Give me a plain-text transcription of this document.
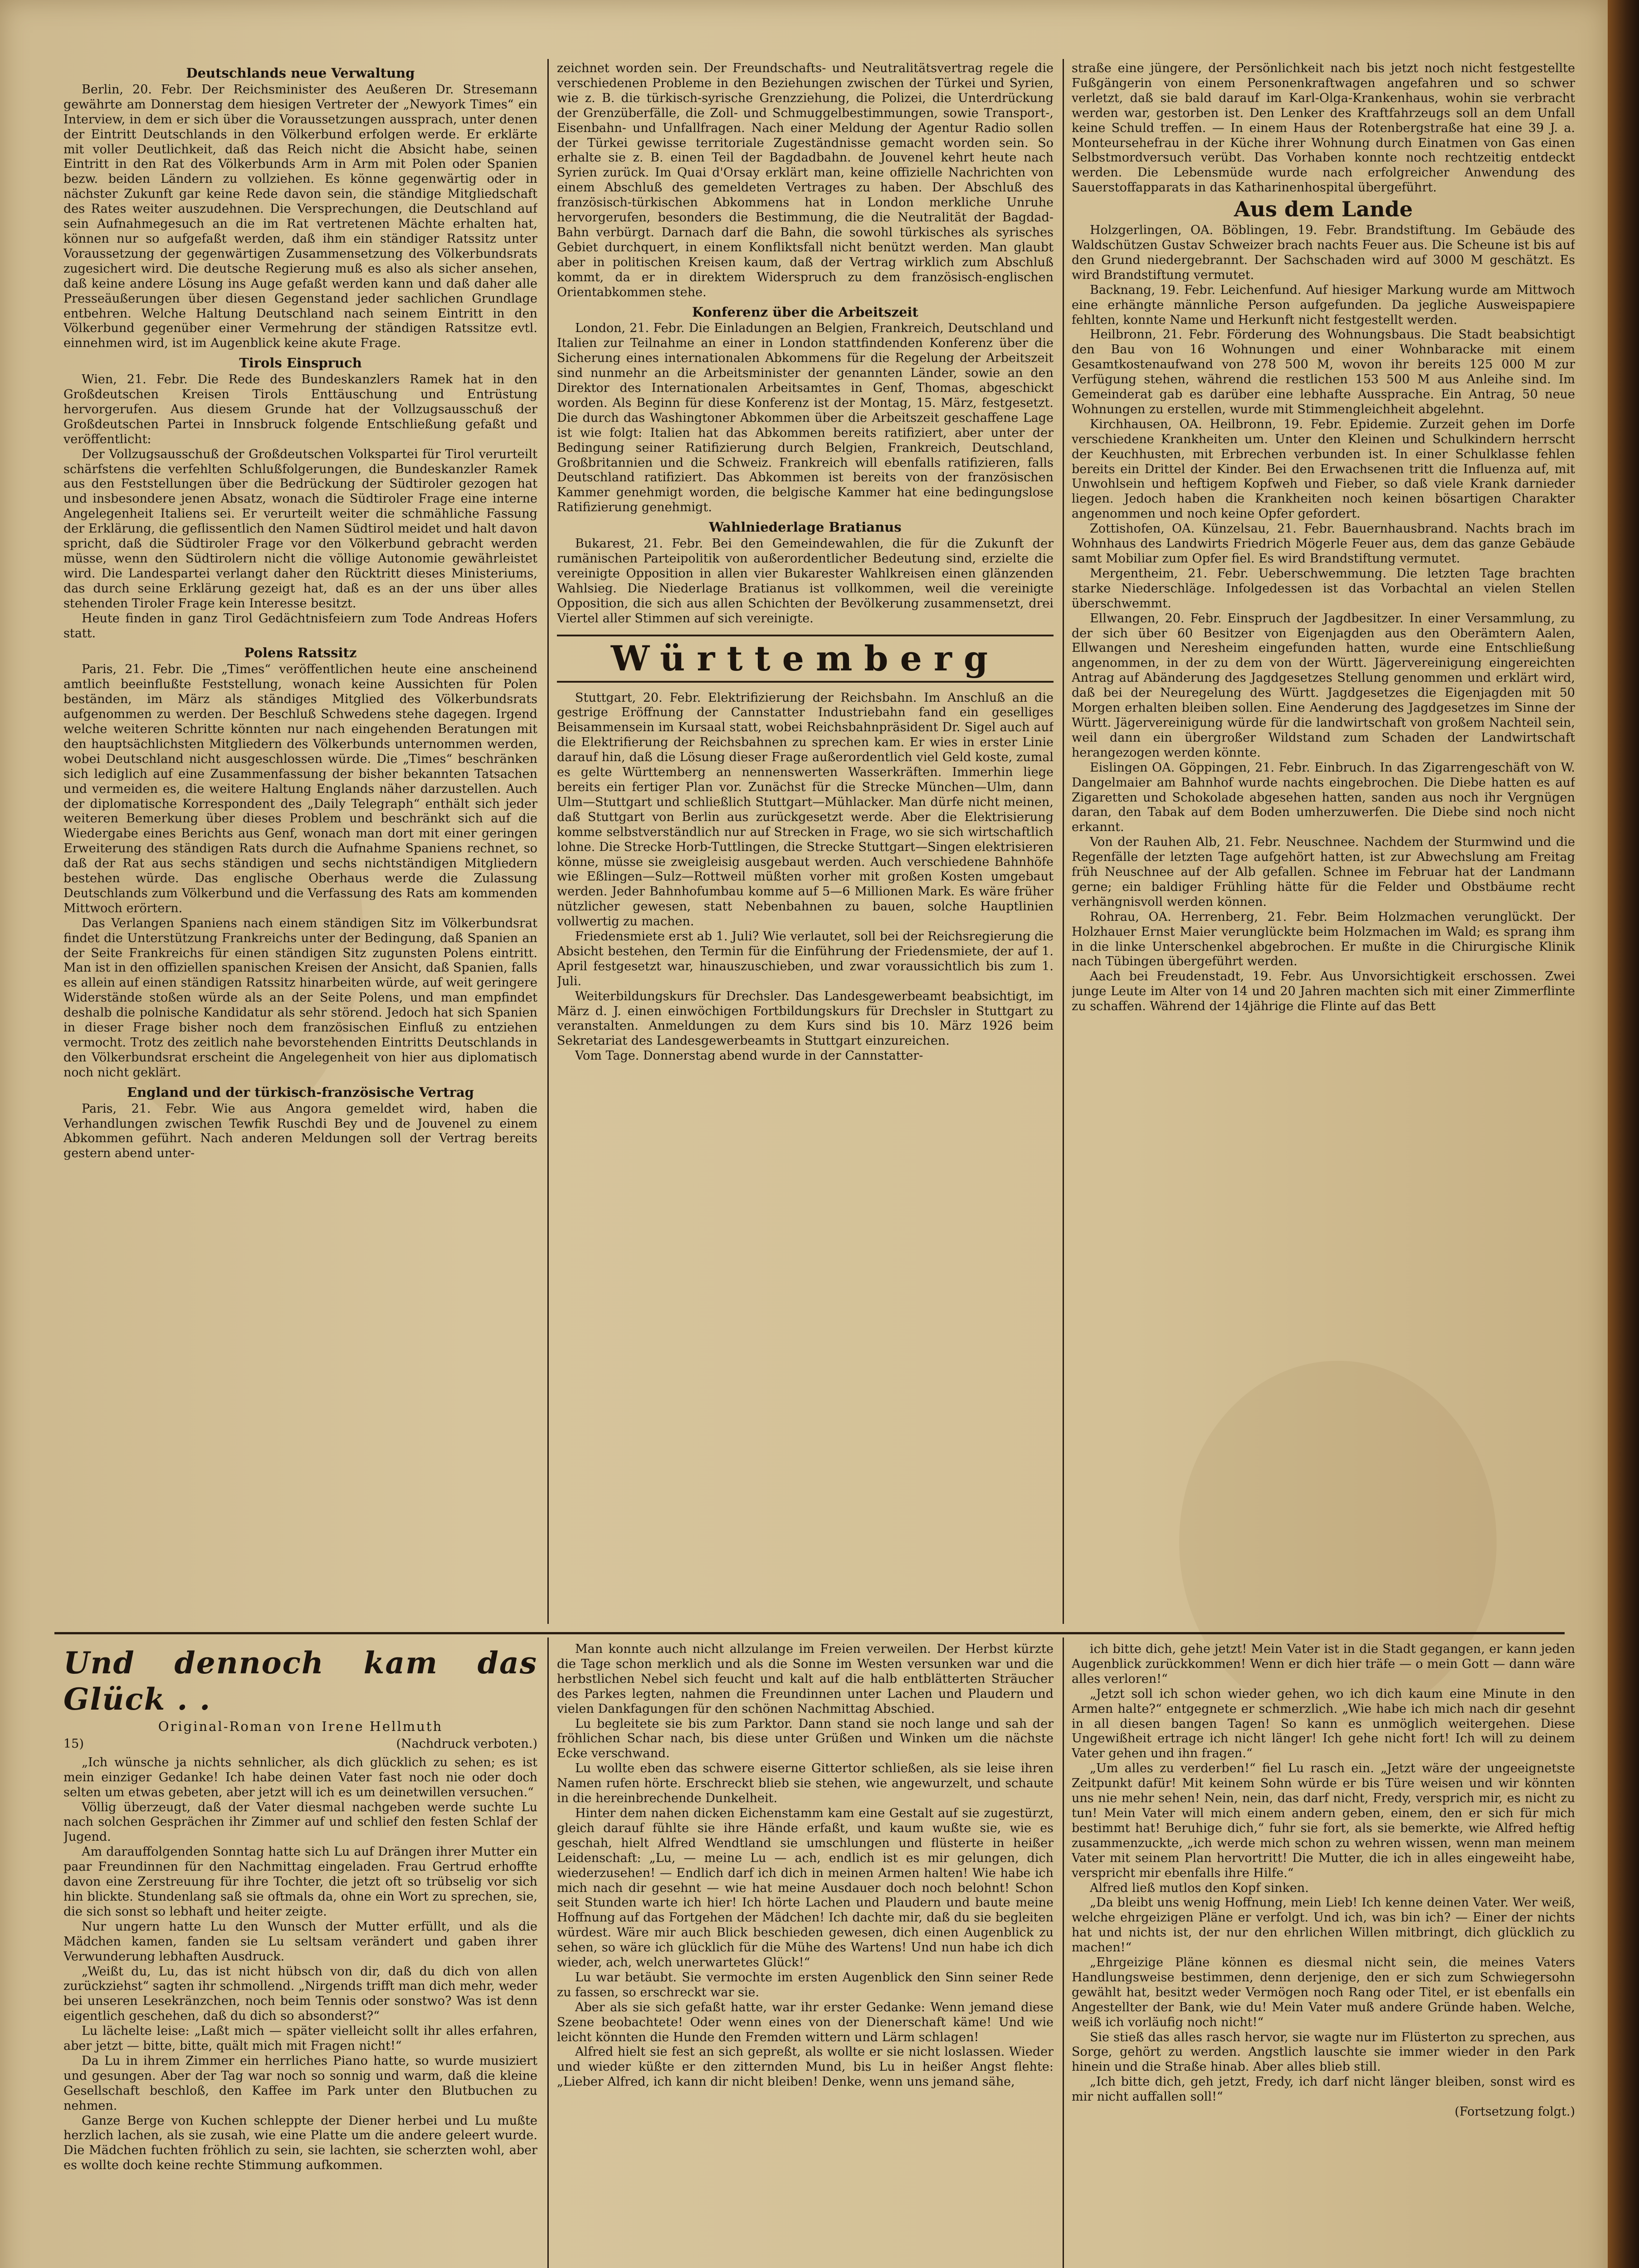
Deutschlands neue Verwaltung

Berlin, 20. Febr. Der Reichsminister des Aeußeren Dr. Stresemann gewährte am Donnerstag dem hiesigen Vertreter der „Newyork Times“ ein Interview, in dem er sich über die Voraussetzungen aussprach, unter denen der Eintritt Deutschlands in den Völkerbund erfolgen werde. Er erklärte mit voller Deutlichkeit, daß das Reich nicht die Absicht habe, seinen Eintritt in den Rat des Völkerbunds Arm in Arm mit Polen oder Spanien bezw. beiden Ländern zu vollziehen. Es könne gegenwärtig oder in nächster Zukunft gar keine Rede davon sein, die ständige Mitgliedschaft des Rates weiter auszudehnen. Die Versprechungen, die Deutschland auf sein Aufnahmegesuch an die im Rat vertretenen Mächte erhalten hat, können nur so aufgefaßt werden, daß ihm ein ständiger Ratssitz unter Voraussetzung der gegenwärtigen Zusammensetzung des Völkerbundsrats zugesichert wird. Die deutsche Regierung muß es also als sicher ansehen, daß keine andere Lösung ins Auge gefaßt werden kann und daß daher alle Presseäußerungen über diesen Gegenstand jeder sachlichen Grundlage entbehren. Welche Haltung Deutschland nach seinem Eintritt in den Völkerbund gegenüber einer Vermehrung der ständigen Ratssitze evtl. einnehmen wird, ist im Augenblick keine akute Frage.

Tirols Einspruch

Wien, 21. Febr. Die Rede des Bundeskanzlers Ramek hat in den Großdeutschen Kreisen Tirols Enttäuschung und Entrüstung hervorgerufen. Aus diesem Grunde hat der Vollzugsausschuß der Großdeutschen Partei in Innsbruck folgende Entschließung gefaßt und veröffentlicht:

Der Vollzugsausschuß der Großdeutschen Volkspartei für Tirol verurteilt schärfstens die verfehlten Schlußfolgerungen, die Bundeskanzler Ramek aus den Feststellungen über die Bedrückung der Südtiroler gezogen hat und insbesondere jenen Absatz, wonach die Südtiroler Frage eine interne Angelegenheit Italiens sei. Er verurteilt weiter die schmähliche Fassung der Erklärung, die geflissentlich den Namen Südtirol meidet und halt davon spricht, daß die Südtiroler Frage vor den Völkerbund gebracht werden müsse, wenn den Südtirolern nicht die völlige Autonomie gewährleistet wird. Die Landespartei verlangt daher den Rücktritt dieses Ministeriums, das durch seine Erklärung gezeigt hat, daß es an der uns über alles stehenden Tiroler Frage kein Interesse besitzt.

Heute finden in ganz Tirol Gedächtnisfeiern zum Tode Andreas Hofers statt.

Polens Ratssitz

Paris, 21. Febr. Die „Times“ veröffentlichen heute eine anscheinend amtlich beeinflußte Feststellung, wonach keine Aussichten für Polen beständen, im März als ständiges Mitglied des Völkerbundsrats aufgenommen zu werden. Der Beschluß Schwedens stehe dagegen. Irgend welche weiteren Schritte könnten nur nach eingehenden Beratungen mit den hauptsächlichsten Mitgliedern des Völkerbunds unternommen werden, wobei Deutschland nicht ausgeschlossen würde. Die „Times“ beschränken sich lediglich auf eine Zusammenfassung der bisher bekannten Tatsachen und vermeiden es, die weitere Haltung Englands näher darzustellen. Auch der diplomatische Korrespondent des „Daily Telegraph“ enthält sich jeder weiteren Bemerkung über dieses Problem und beschränkt sich auf die Wiedergabe eines Berichts aus Genf, wonach man dort mit einer geringen Erweiterung des ständigen Rats durch die Aufnahme Spaniens rechnet, so daß der Rat aus sechs ständigen und sechs nichtständigen Mitgliedern bestehen würde. Das englische Oberhaus werde die Zulassung Deutschlands zum Völkerbund und die Verfassung des Rats am kommenden Mittwoch erörtern.

Das Verlangen Spaniens nach einem ständigen Sitz im Völkerbundsrat findet die Unterstützung Frankreichs unter der Bedingung, daß Spanien an der Seite Frankreichs für einen ständigen Sitz zugunsten Polens eintritt. Man ist in den offiziellen spanischen Kreisen der Ansicht, daß Spanien, falls es allein auf einen ständigen Ratssitz hinarbeiten würde, auf weit geringere Widerstände stoßen würde als an der Seite Polens, und man empfindet deshalb die polnische Kandidatur als sehr störend. Jedoch hat sich Spanien in dieser Frage bisher noch dem französischen Einfluß zu entziehen vermocht. Trotz des zeitlich nahe bevorstehenden Eintritts Deutschlands in den Völkerbundsrat erscheint die Angelegenheit von hier aus diplomatisch noch nicht geklärt.

England und der türkisch-französische Vertrag

Paris, 21. Febr. Wie aus Angora gemeldet wird, haben die Verhandlungen zwischen Tewfik Ruschdi Bey und de Jouvenel zu einem Abkommen geführt. Nach anderen Meldungen soll der Vertrag bereits gestern abend unter-

zeichnet worden sein. Der Freundschafts- und Neutralitätsvertrag regele die verschiedenen Probleme in den Beziehungen zwischen der Türkei und Syrien, wie z. B. die türkisch-syrische Grenzziehung, die Polizei, die Unterdrückung der Grenzüberfälle, die Zoll- und Schmuggelbestimmungen, sowie Transport-, Eisenbahn- und Unfallfragen. Nach einer Meldung der Agentur Radio sollen der Türkei gewisse territoriale Zugeständnisse gemacht worden sein. So erhalte sie z. B. einen Teil der Bagdadbahn. de Jouvenel kehrt heute nach Syrien zurück. Im Quai d'Orsay erklärt man, keine offizielle Nachrichten von einem Abschluß des gemeldeten Vertrages zu haben. Der Abschluß des französisch-türkischen Abkommens hat in London merkliche Unruhe hervorgerufen, besonders die Bestimmung, die die Neutralität der Bagdad-Bahn verbürgt. Darnach darf die Bahn, die sowohl türkisches als syrisches Gebiet durchquert, in einem Konfliktsfall nicht benützt werden. Man glaubt aber in politischen Kreisen kaum, daß der Vertrag wirklich zum Abschluß kommt, da er in direktem Widerspruch zu dem französisch-englischen Orientabkommen stehe.

Konferenz über die Arbeitszeit

London, 21. Febr. Die Einladungen an Belgien, Frankreich, Deutschland und Italien zur Teilnahme an einer in London stattfindenden Konferenz über die Sicherung eines internationalen Abkommens für die Regelung der Arbeitszeit sind nunmehr an die Arbeitsminister der genannten Länder, sowie an den Direktor des Internationalen Arbeitsamtes in Genf, Thomas, abgeschickt worden. Als Beginn für diese Konferenz ist der Montag, 15. März, festgesetzt. Die durch das Washingtoner Abkommen über die Arbeitszeit geschaffene Lage ist wie folgt: Italien hat das Abkommen bereits ratifiziert, aber unter der Bedingung seiner Ratifizierung durch Belgien, Frankreich, Deutschland, Großbritannien und die Schweiz. Frankreich will ebenfalls ratifizieren, falls Deutschland ratifiziert. Das Abkommen ist bereits von der französischen Kammer genehmigt worden, die belgische Kammer hat eine bedingungslose Ratifizierung genehmigt.

Wahlniederlage Bratianus

Bukarest, 21. Febr. Bei den Gemeindewahlen, die für die Zukunft der rumänischen Parteipolitik von außerordentlicher Bedeutung sind, erzielte die vereinigte Opposition in allen vier Bukarester Wahlkreisen einen glänzenden Wahlsieg. Die Niederlage Bratianus ist vollkommen, weil die vereinigte Opposition, die sich aus allen Schichten der Bevölkerung zusammensetzt, drei Viertel aller Stimmen auf sich vereinigte.

Württemberg

Stuttgart, 20. Febr. Elektrifizierung der Reichsbahn. Im Anschluß an die gestrige Eröffnung der Cannstatter Industriebahn fand ein geselliges Beisammensein im Kursaal statt, wobei Reichsbahnpräsident Dr. Sigel auch auf die Elektrifierung der Reichsbahnen zu sprechen kam. Er wies in erster Linie darauf hin, daß die Lösung dieser Frage außerordentlich viel Geld koste, zumal es gelte Württemberg an nennenswerten Wasserkräften. Immerhin liege bereits ein fertiger Plan vor. Zunächst für die Strecke München—Ulm, dann Ulm—Stuttgart und schließlich Stuttgart—Mühlacker. Man dürfe nicht meinen, daß Stuttgart von Berlin aus zurückgesetzt werde. Aber die Elektrisierung komme selbstverständlich nur auf Strecken in Frage, wo sie sich wirtschaftlich lohne. Die Strecke Horb-Tuttlingen, die Strecke Stuttgart—Singen elektrisieren könne, müsse sie zweigleisig ausgebaut werden. Auch verschiedene Bahnhöfe wie Eßlingen—Sulz—Rottweil müßten vorher mit großen Kosten umgebaut werden. Jeder Bahnhofumbau komme auf 5—6 Millionen Mark. Es wäre früher nützlicher gewesen, statt Nebenbahnen zu bauen, solche Hauptlinien vollwertig zu machen.

Friedensmiete erst ab 1. Juli? Wie verlautet, soll bei der Reichsregierung die Absicht bestehen, den Termin für die Einführung der Friedensmiete, der auf 1. April festgesetzt war, hinauszuschieben, und zwar voraussichtlich bis zum 1. Juli.

Weiterbildungskurs für Drechsler. Das Landesgewerbeamt beabsichtigt, im März d. J. einen einwöchigen Fortbildungskurs für Drechsler in Stuttgart zu veranstalten. Anmeldungen zu dem Kurs sind bis 10. März 1926 beim Sekretariat des Landesgewerbeamts in Stuttgart einzureichen.

Vom Tage. Donnerstag abend wurde in der Cannstatter-

straße eine jüngere, der Persönlichkeit nach bis jetzt noch nicht festgestellte Fußgängerin von einem Personenkraftwagen angefahren und so schwer verletzt, daß sie bald darauf im Karl-Olga-Krankenhaus, wohin sie verbracht werden war, gestorben ist. Den Lenker des Kraftfahrzeugs soll an dem Unfall keine Schuld treffen. — In einem Haus der Rotenbergstraße hat eine 39 J. a. Monteursehefrau in der Küche ihrer Wohnung durch Einatmen von Gas einen Selbstmordversuch verübt. Das Vorhaben konnte noch rechtzeitig entdeckt werden. Die Lebensmüde wurde nach erfolgreicher Anwendung des Sauerstoffapparats in das Katharinenhospital übergeführt.

Aus dem Lande

Holzgerlingen, OA. Böblingen, 19. Febr. Brandstiftung. Im Gebäude des Waldschützen Gustav Schweizer brach nachts Feuer aus. Die Scheune ist bis auf den Grund niedergebrannt. Der Sachschaden wird auf 3000 M geschätzt. Es wird Brandstiftung vermutet.

Backnang, 19. Febr. Leichenfund. Auf hiesiger Markung wurde am Mittwoch eine erhängte männliche Person aufgefunden. Da jegliche Ausweispapiere fehlten, konnte Name und Herkunft nicht festgestellt werden.

Heilbronn, 21. Febr. Förderung des Wohnungsbaus. Die Stadt beabsichtigt den Bau von 16 Wohnungen und einer Wohnbaracke mit einem Gesamtkostenaufwand von 278 500 M, wovon ihr bereits 125 000 M zur Verfügung stehen, während die restlichen 153 500 M aus Anleihe sind. Im Gemeinderat gab es darüber eine lebhafte Aussprache. Ein Antrag, 50 neue Wohnungen zu erstellen, wurde mit Stimmengleichheit abgelehnt.

Kirchhausen, OA. Heilbronn, 19. Febr. Epidemie. Zurzeit gehen im Dorfe verschiedene Krankheiten um. Unter den Kleinen und Schulkindern herrscht der Keuchhusten, mit Erbrechen verbunden ist. In einer Schulklasse fehlen bereits ein Drittel der Kinder. Bei den Erwachsenen tritt die Influenza auf, mit Unwohlsein und heftigem Kopfweh und Fieber, so daß viele Krank darnieder liegen. Jedoch haben die Krankheiten noch keinen bösartigen Charakter angenommen und noch keine Opfer gefordert.

Zottishofen, OA. Künzelsau, 21. Febr. Bauernhausbrand. Nachts brach im Wohnhaus des Landwirts Friedrich Mögerle Feuer aus, dem das ganze Gebäude samt Mobiliar zum Opfer fiel. Es wird Brandstiftung vermutet.

Mergentheim, 21. Febr. Ueberschwemmung. Die letzten Tage brachten starke Niederschläge. Infolgedessen ist das Vorbachtal an vielen Stellen überschwemmt.

Ellwangen, 20. Febr. Einspruch der Jagdbesitzer. In einer Versammlung, zu der sich über 60 Besitzer von Eigenjagden aus den Oberämtern Aalen, Ellwangen und Neresheim eingefunden hatten, wurde eine Entschließung angenommen, in der zu dem von der Württ. Jägervereinigung eingereichten Antrag auf Abänderung des Jagdgesetzes Stellung genommen und erklärt wird, daß bei der Neuregelung des Württ. Jagdgesetzes die Eigenjagden mit 50 Morgen erhalten bleiben sollen. Eine Aenderung des Jagdgesetzes im Sinne der Württ. Jägervereinigung würde für die landwirtschaft von großem Nachteil sein, weil dann ein übergroßer Wildstand zum Schaden der Landwirtschaft herangezogen werden könnte.

Eislingen OA. Göppingen, 21. Febr. Einbruch. In das Zigarrengeschäft von W. Dangelmaier am Bahnhof wurde nachts eingebrochen. Die Diebe hatten es auf Zigaretten und Schokolade abgesehen hatten, sanden aus noch ihr Vergnügen daran, den Tabak auf dem Boden umherzuwerfen. Die Diebe sind noch nicht erkannt.

Von der Rauhen Alb, 21. Febr. Neuschnee. Nachdem der Sturmwind und die Regenfälle der letzten Tage aufgehört hatten, ist zur Abwechslung am Freitag früh Neuschnee auf der Alb gefallen. Schnee im Februar hat der Landmann gerne; ein baldiger Frühling hätte für die Felder und Obstbäume recht verhängnisvoll werden können.

Rohrau, OA. Herrenberg, 21. Febr. Beim Holzmachen verunglückt. Der Holzhauer Ernst Maier verunglückte beim Holzmachen im Wald; es sprang ihm in die linke Unterschenkel abgebrochen. Er mußte in die Chirurgische Klinik nach Tübingen übergeführt werden.

Aach bei Freudenstadt, 19. Febr. Aus Unvorsichtigkeit erschossen. Zwei junge Leute im Alter von 14 und 20 Jahren machten sich mit einer Zimmerflinte zu schaffen. Während der 14jährige die Flinte auf das Bett

Und dennoch kam das Glück . .
Original-Roman von Irene Hellmuth
15)	(Nachdruck verboten.)

„Ich wünsche ja nichts sehnlicher, als dich glücklich zu sehen; es ist mein einziger Gedanke! Ich habe deinen Vater fast noch nie oder doch selten um etwas gebeten, aber jetzt will ich es um deinetwillen versuchen.“

Völlig überzeugt, daß der Vater diesmal nachgeben werde suchte Lu nach solchen Gesprächen ihr Zimmer auf und schlief den festen Schlaf der Jugend.

Am darauffolgenden Sonntag hatte sich Lu auf Drängen ihrer Mutter ein paar Freundinnen für den Nachmittag eingeladen. Frau Gertrud erhoffte davon eine Zerstreuung für ihre Tochter, die jetzt oft so trübselig vor sich hin blickte. Stundenlang saß sie oftmals da, ohne ein Wort zu sprechen, sie, die sich sonst so lebhaft und heiter zeigte.

Nur ungern hatte Lu den Wunsch der Mutter erfüllt, und als die Mädchen kamen, fanden sie Lu seltsam verändert und gaben ihrer Verwunderung lebhaften Ausdruck.

„Weißt du, Lu, das ist nicht hübsch von dir, daß du dich von allen zurückziehst“ sagten ihr schmollend. „Nirgends trifft man dich mehr, weder bei unseren Lesekränzchen, noch beim Tennis oder sonstwo? Was ist denn eigentlich geschehen, daß du dich so absonderst?“

Lu lächelte leise: „Laßt mich — später vielleicht sollt ihr alles erfahren, aber jetzt — bitte, bitte, quält mich mit Fragen nicht!“

Da Lu in ihrem Zimmer ein herrliches Piano hatte, so wurde musiziert und gesungen. Aber der Tag war noch so sonnig und warm, daß die kleine Gesellschaft beschloß, den Kaffee im Park unter den Blutbuchen zu nehmen.

Ganze Berge von Kuchen schleppte der Diener herbei und Lu mußte herzlich lachen, als sie zusah, wie eine Platte um die andere geleert wurde. Die Mädchen fuchten fröhlich zu sein, sie lachten, sie scherzten wohl, aber es wollte doch keine rechte Stimmung aufkommen.

Man konnte auch nicht allzulange im Freien verweilen. Der Herbst kürzte die Tage schon merklich und als die Sonne im Westen versunken war und die herbstlichen Nebel sich feucht und kalt auf die halb entblätterten Sträucher des Parkes legten, nahmen die Freundinnen unter Lachen und Plaudern und vielen Dankfagungen für den schönen Nachmittag Abschied.

Lu begleitete sie bis zum Parktor. Dann stand sie noch lange und sah der fröhlichen Schar nach, bis diese unter Grüßen und Winken um die nächste Ecke verschwand.

Lu wollte eben das schwere eiserne Gittertor schließen, als sie leise ihren Namen rufen hörte. Erschreckt blieb sie stehen, wie angewurzelt, und schaute in die hereinbrechende Dunkelheit.

Hinter dem nahen dicken Eichenstamm kam eine Gestalt auf sie zugestürzt, gleich darauf fühlte sie ihre Hände erfaßt, und kaum wußte sie, wie es geschah, hielt Alfred Wendtland sie umschlungen und flüsterte in heißer Leidenschaft: „Lu, — meine Lu — ach, endlich ist es mir gelungen, dich wiederzusehen! — Endlich darf ich dich in meinen Armen halten! Wie habe ich mich nach dir gesehnt — wie hat meine Ausdauer doch noch belohnt! Schon seit Stunden warte ich hier! Ich hörte Lachen und Plaudern und baute meine Hoffnung auf das Fortgehen der Mädchen! Ich dachte mir, daß du sie begleiten würdest. Wäre mir auch Blick beschieden gewesen, dich einen Augenblick zu sehen, so wäre ich glücklich für die Mühe des Wartens! Und nun habe ich dich wieder, ach, welch unerwartetes Glück!“

Lu war betäubt. Sie vermochte im ersten Augenblick den Sinn seiner Rede zu fassen, so erschreckt war sie.

Aber als sie sich gefaßt hatte, war ihr erster Gedanke: Wenn jemand diese Szene beobachtete! Oder wenn eines von der Dienerschaft käme! Und wie leicht könnten die Hunde den Fremden wittern und Lärm schlagen!

Alfred hielt sie fest an sich gepreßt, als wollte er sie nicht loslassen. Wieder und wieder küßte er den zitternden Mund, bis Lu in heißer Angst flehte: „Lieber Alfred, ich kann dir nicht bleiben! Denke, wenn uns jemand sähe,

ich bitte dich, gehe jetzt! Mein Vater ist in die Stadt gegangen, er kann jeden Augenblick zurückkommen! Wenn er dich hier träfe — o mein Gott — dann wäre alles verloren!“

„Jetzt soll ich schon wieder gehen, wo ich dich kaum eine Minute in den Armen halte?“ entgegnete er schmerzlich. „Wie habe ich mich nach dir gesehnt in all diesen bangen Tagen! So kann es unmöglich weitergehen. Diese Ungewißheit ertrage ich nicht länger! Ich gehe nicht fort! Ich will zu deinem Vater gehen und ihn fragen.“

„Um alles zu verderben!“ fiel Lu rasch ein. „Jetzt wäre der ungeeignetste Zeitpunkt dafür! Mit keinem Sohn würde er bis Türe weisen und wir könnten uns nie mehr sehen! Nein, nein, das darf nicht, Fredy, versprich mir, es nicht zu tun! Mein Vater will mich einem andern geben, einem, den er sich für mich bestimmt hat! Beruhige dich,“ fuhr sie fort, als sie bemerkte, wie Alfred heftig zusammenzuckte, „ich werde mich schon zu wehren wissen, wenn man meinem Vater mit seinem Plan hervortritt! Die Mutter, die ich in alles eingeweiht habe, verspricht mir ebenfalls ihre Hilfe.“

Alfred ließ mutlos den Kopf sinken.

„Da bleibt uns wenig Hoffnung, mein Lieb! Ich kenne deinen Vater. Wer weiß, welche ehrgeizigen Pläne er verfolgt. Und ich, was bin ich? — Einer der nichts hat und nichts ist, der nur den ehrlichen Willen mitbringt, dich glücklich zu machen!“

„Ehrgeizige Pläne können es diesmal nicht sein, die meines Vaters Handlungsweise bestimmen, denn derjenige, den er sich zum Schwiegersohn gewählt hat, besitzt weder Vermögen noch Rang oder Titel, er ist ebenfalls ein Angestellter der Bank, wie du! Mein Vater muß andere Gründe haben. Welche, weiß ich vorläufig noch nicht!“

Sie stieß das alles rasch hervor, sie wagte nur im Flüsterton zu sprechen, aus Sorge, gehört zu werden. Angstlich lauschte sie immer wieder in den Park hinein und die Straße hinab. Aber alles blieb still.

„Ich bitte dich, geh jetzt, Fredy, ich darf nicht länger bleiben, sonst wird es mir nicht auffallen soll!“

(Fortsetzung folgt.)
